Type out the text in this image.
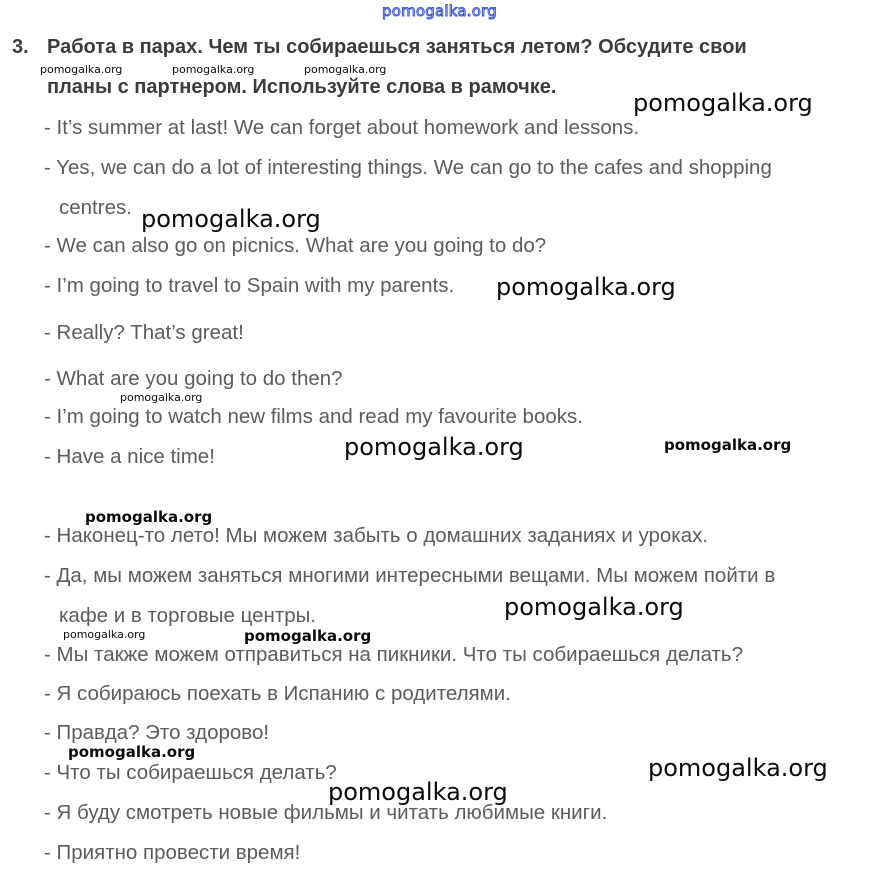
pomogalka.org
3. Работа в парах. Чем ты собираешься заняться летом? Обсудите свои
планы с партнером. Используйте слова в рамочке.
- It’s summer at last! We can forget about homework and lessons.
- Yes, we can do a lot of interesting things. We can go to the cafes and shopping
centres.
- We can also go on picnics. What are you going to do?
- I’m going to travel to Spain with my parents.
- Really? That’s great!
- What are you going to do then?
- I’m going to watch new films and read my favourite books.
- Have a nice time!
- Наконец-то лето! Мы можем забыть о домашних заданиях и уроках.
- Да, мы можем заняться многими интересными вещами. Мы можем пойти в
кафе и в торговые центры.
- Мы также можем отправиться на пикники. Что ты собираешься делать?
- Я собираюсь поехать в Испанию с родителями.
- Правда? Это здорово!
- Что ты собираешься делать?
- Я буду смотреть новые фильмы и читать любимые книги.
- Приятно провести время!
pomogalka.org	pomogalka.org	pomogalka.org
pomogalka.org
pomogalka.org
pomogalka.org
pomogalka.org
pomogalka.org	pomogalka.org
pomogalka.org
pomogalka.org
pomogalka.org	pomogalka.org
pomogalka.org
pomogalka.org
pomogalka.org
